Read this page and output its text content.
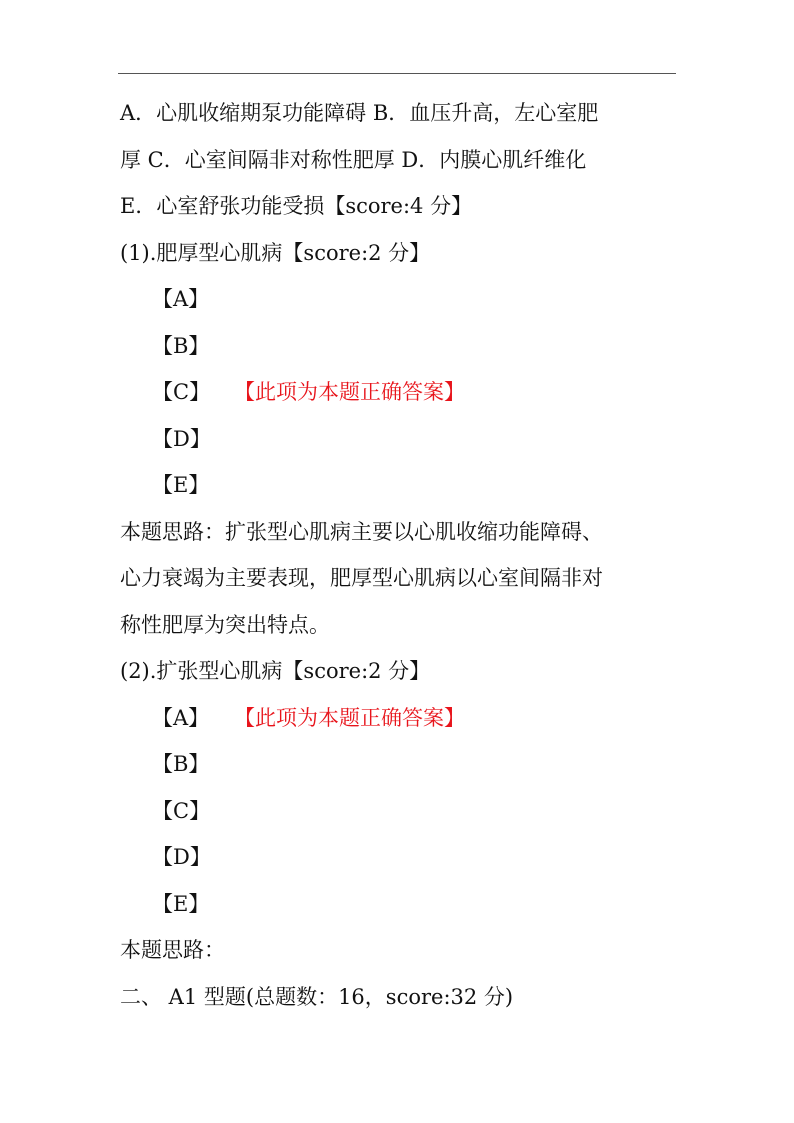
A．心肌收缩期泵功能障碍 B．血压升高，左心室肥
厚 C．心室间隔非对称性肥厚 D．内膜心肌纤维化
E．心室舒张功能受损【score:4 分】
(1).肥厚型心肌病【score:2 分】
【A】
【B】
【C】 【此项为本题正确答案】
【D】
【E】
本题思路：扩张型心肌病主要以心肌收缩功能障碍、
心力衰竭为主要表现，肥厚型心肌病以心室间隔非对
称性肥厚为突出特点。
(2).扩张型心肌病【score:2 分】
【A】 【此项为本题正确答案】
【B】
【C】
【D】
【E】
本题思路：
二、 A1 型题(总题数：16，score:32 分)
